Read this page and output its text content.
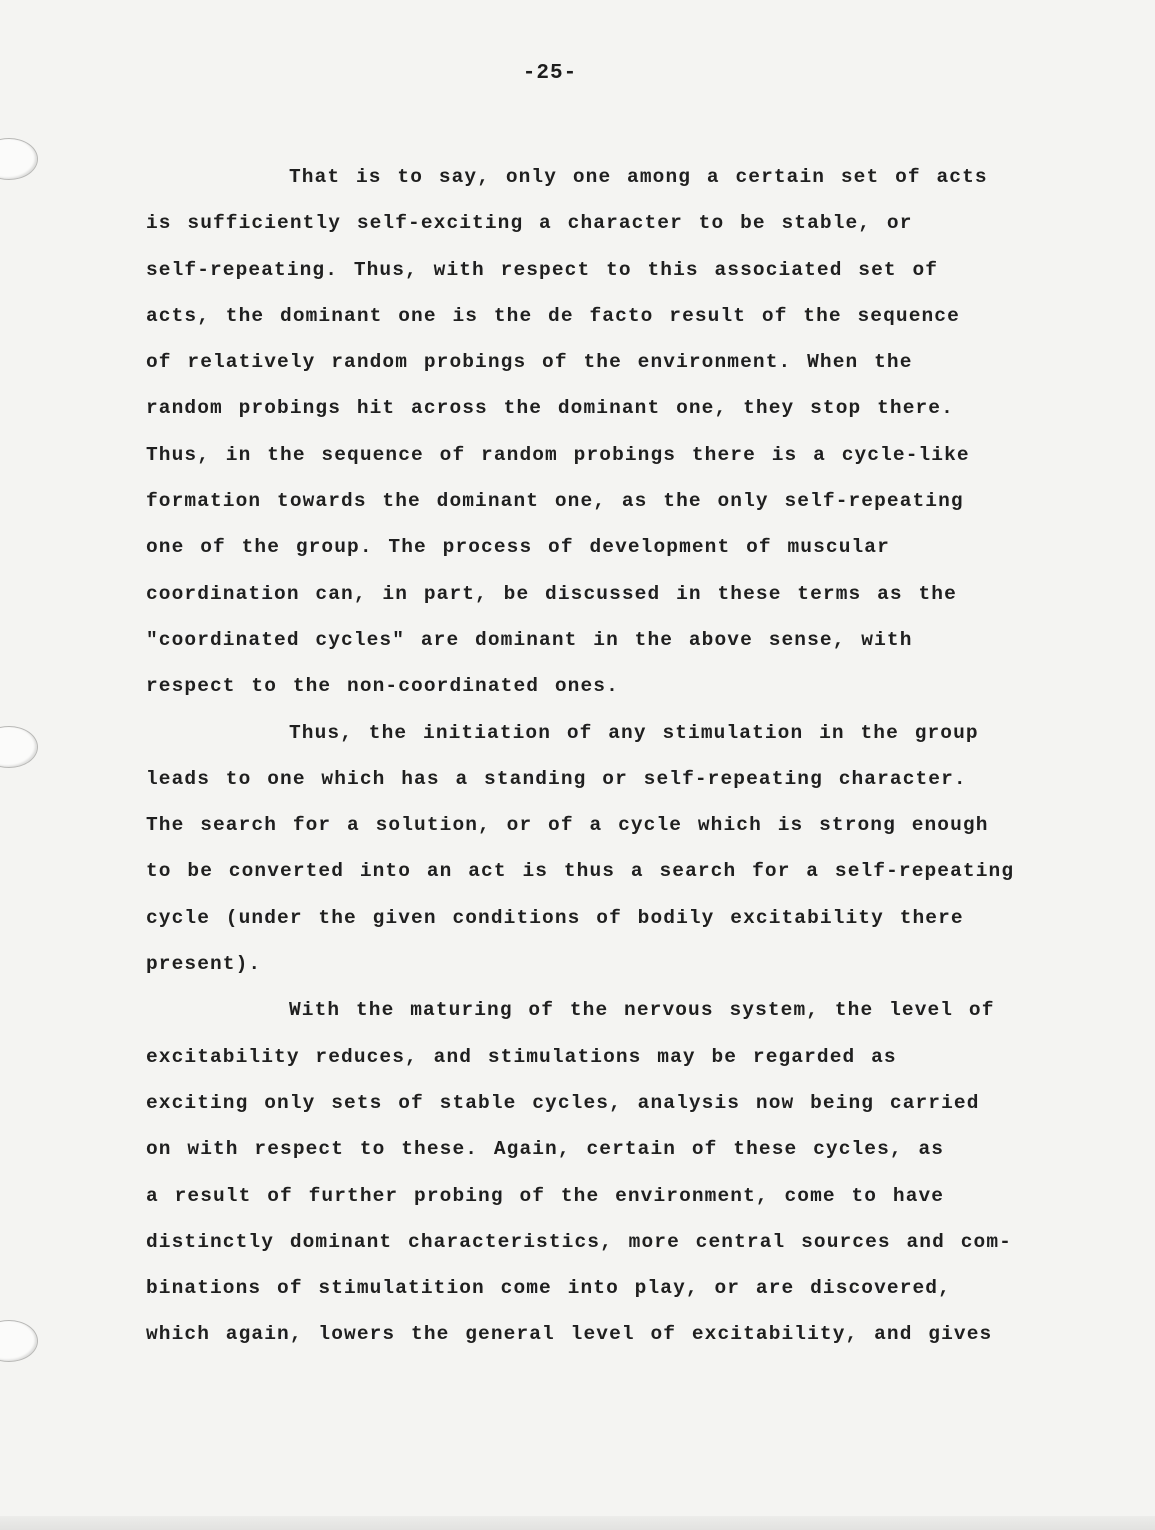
-25-
That is to say, only one among a certain set of acts
is sufficiently self-exciting a character to be stable, or
self-repeating. Thus, with respect to this associated set of
acts, the dominant one is the de facto result of the sequence
of relatively random probings of the environment. When the
random probings hit across the dominant one, they stop there.
Thus, in the sequence of random probings there is a cycle-like
formation towards the dominant one, as the only self-repeating
one of the group. The process of development of muscular
coordination can, in part, be discussed in these terms as the
"coordinated cycles" are dominant in the above sense, with
respect to the non-coordinated ones.
Thus, the initiation of any stimulation in the group
leads to one which has a standing or self-repeating character.
The search for a solution, or of a cycle which is strong enough
to be converted into an act is thus a search for a self-repeating
cycle (under the given conditions of bodily excitability there
present).
With the maturing of the nervous system, the level of
excitability reduces, and stimulations may be regarded as
exciting only sets of stable cycles, analysis now being carried
on with respect to these. Again, certain of these cycles, as
a result of further probing of the environment, come to have
distinctly dominant characteristics, more central sources and com-
binations of stimulatition come into play, or are discovered,
which again, lowers the general level of excitability, and gives
